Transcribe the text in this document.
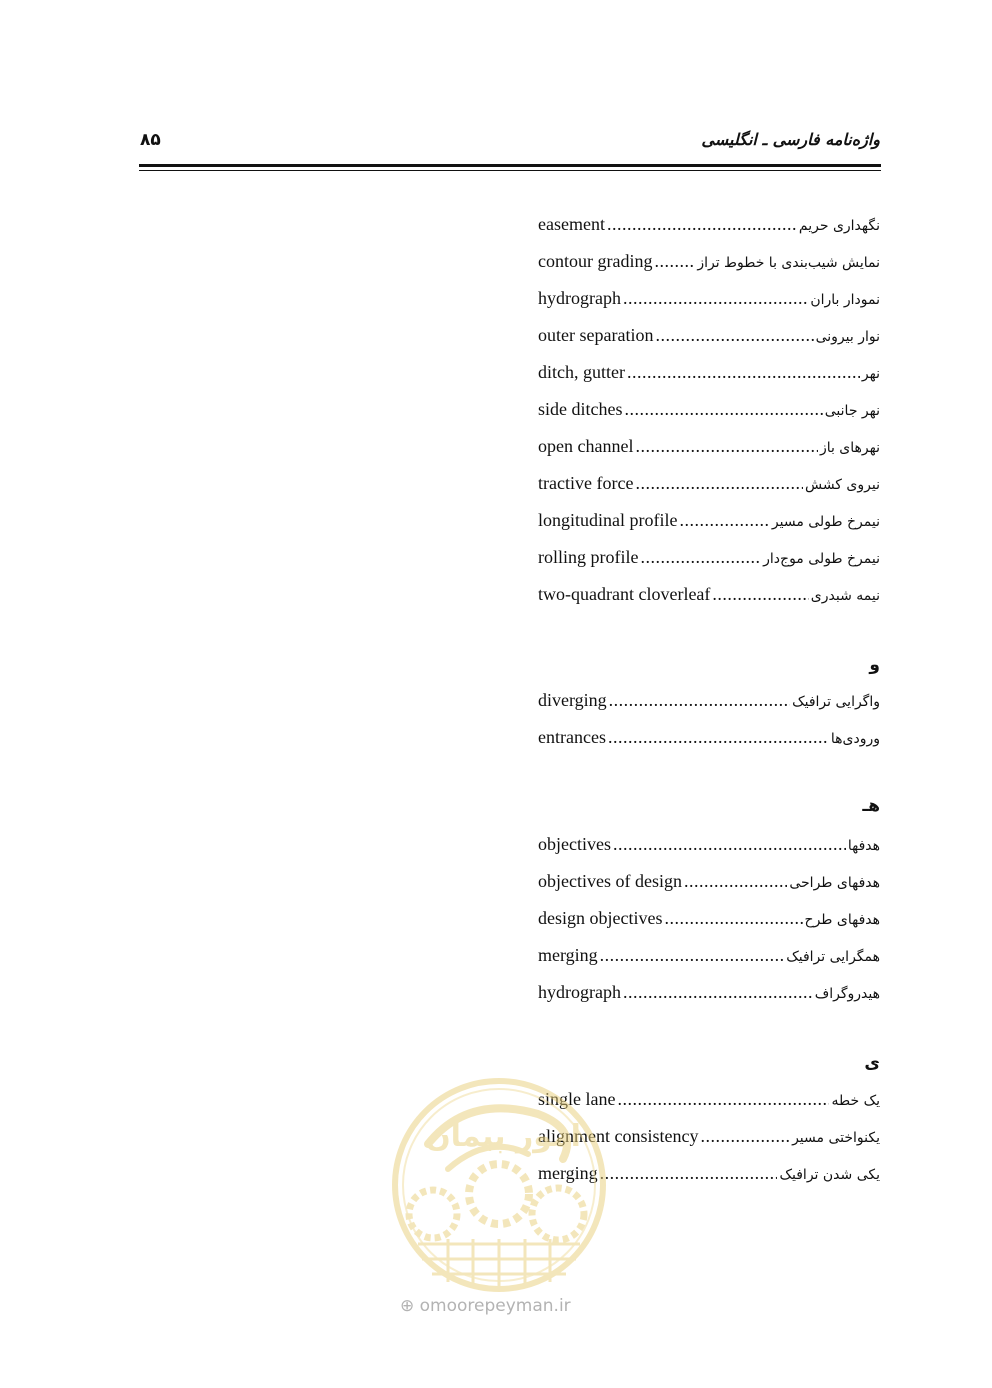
واژه‌نامه فارسی ـ انگلیسی
۸۵
easement .....	نگهداری حریم
contour grading .....	نمایش شیب‌بندی با خطوط تراز
hydrograph .....	نمودار باران
outer separation .....	نوار بیرونی
ditch, gutter .....	نهر
side ditches .....	نهر جانبی
open channel .....	نهرهای باز
tractive force .....	نیروی کشش
longitudinal profile .....	نیمرخ طولی مسیر
rolling profile .....	نیمرخ طولی موج‌دار
two-quadrant cloverleaf .....	نیمه شبدری
و
diverging .....	واگرایی ترافیک
entrances .....	ورودی‌ها
هـ
objectives .....	هدفها
objectives of design .....	هدفهای طراحی
design objectives .....	هدفهای طرح
merging .....	همگرایی ترافیک
hydrograph .....	هیدروگراف
ی
single lane .....	یک خطه
alignment consistency .....	یکنواختی مسیر
merging .....	یکی شدن ترافیک
امور پیمان
⊕ omoorepeyman.ir
